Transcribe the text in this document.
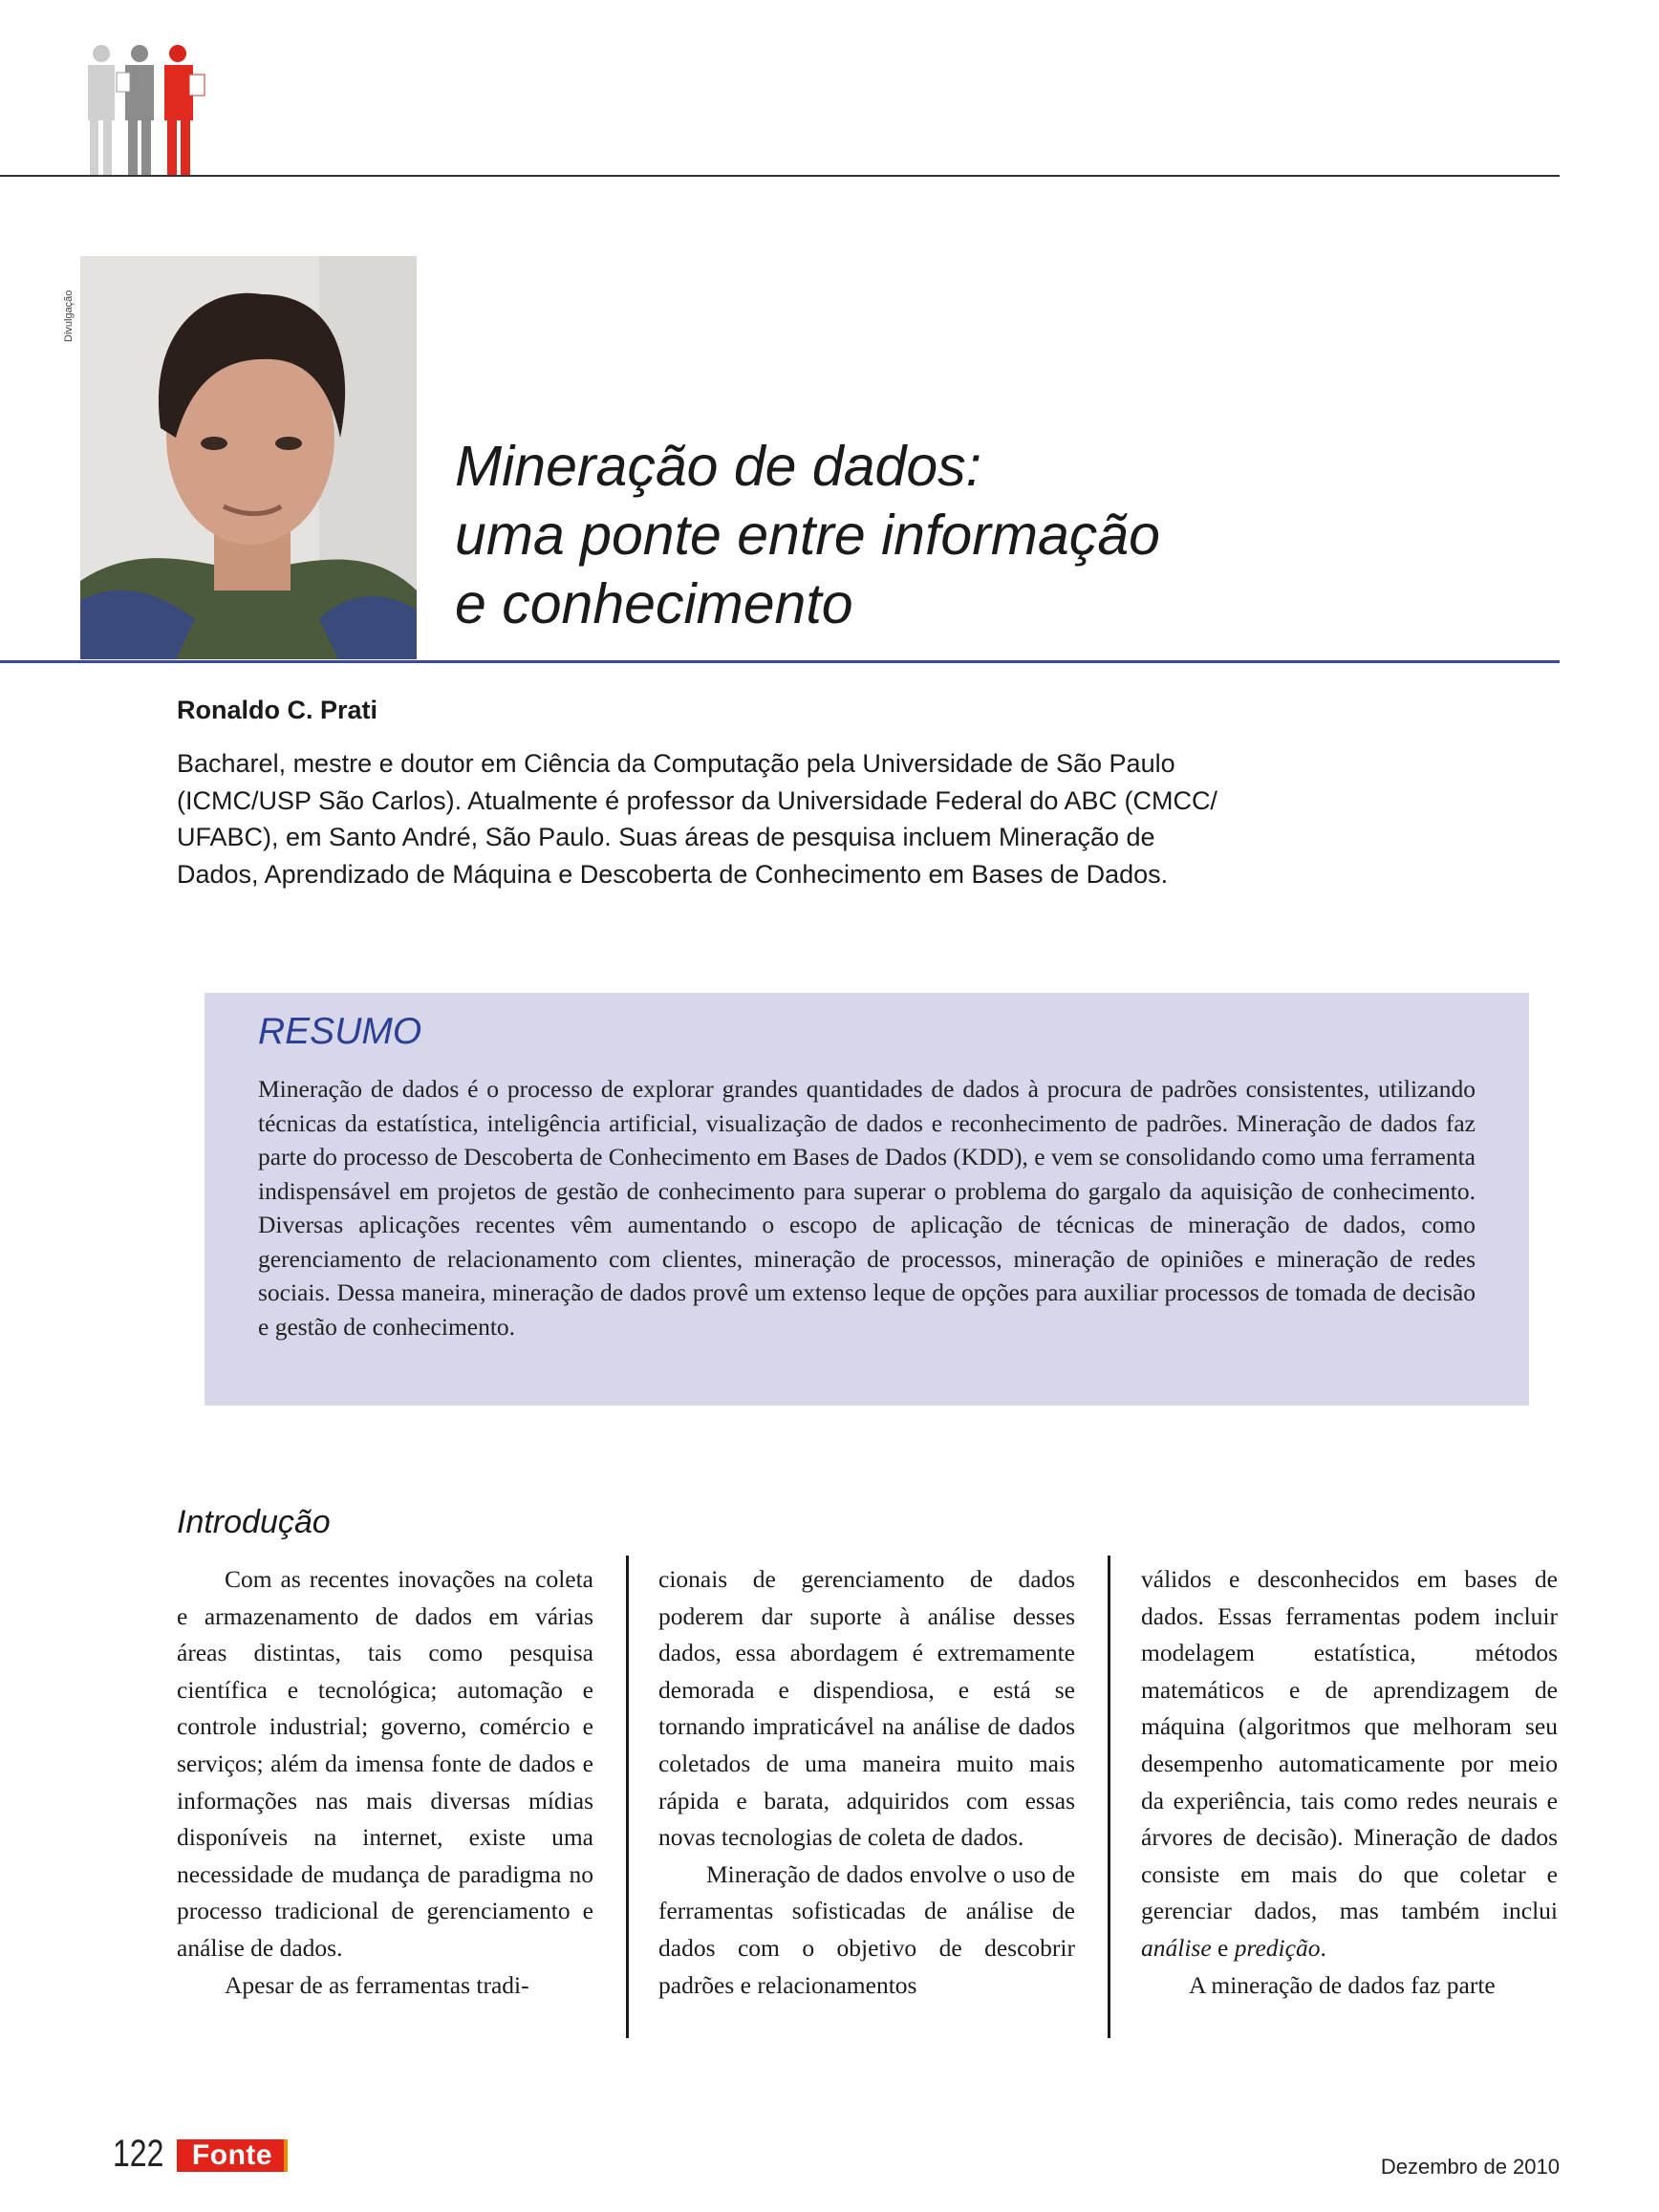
Divulgação
Mineração de dados:
uma ponte entre informação
e conhecimento
Ronaldo C. Prati

Bacharel, mestre e doutor em Ciência da Computação pela Universidade de São Paulo
(ICMC/USP São Carlos). Atualmente é professor da Universidade Federal do ABC (CMCC/
UFABC), em Santo André, São Paulo. Suas áreas de pesquisa incluem Mineração de
Dados, Aprendizado de Máquina e Descoberta de Conhecimento em Bases de Dados.

RESUMO

Mineração de dados é o processo de explorar grandes quantidades de dados à procura de padrões consistentes, utilizando técnicas da estatística, inteligência artificial, visualização de dados e reconhecimento de padrões. Mineração de dados faz parte do processo de Descoberta de Conhecimento em Bases de Dados (KDD), e vem se consolidando como uma ferramenta indispensável em projetos de gestão de conhecimento para superar o problema do gargalo da aquisição de conhecimento. Diversas aplicações recentes vêm aumentando o escopo de aplicação de técnicas de mineração de dados, como gerenciamento de relacionamento com clientes, mineração de processos, mineração de opiniões e mineração de redes sociais. Dessa maneira, mineração de dados provê um extenso leque de opções para auxiliar processos de tomada de decisão e gestão de conhecimento.

Introdução

Com as recentes inovações na coleta e armazenamento de dados em várias áreas distintas, tais como pesquisa científica e tecnológica; automação e controle industrial; governo, comércio e serviços; além da imensa fonte de dados e informações nas mais diversas mídias disponíveis na internet, existe uma necessidade de mudança de paradigma no processo tradicional de gerenciamento e análise de dados.

Apesar de as ferramentas tradi-

cionais de gerenciamento de dados poderem dar suporte à análise desses dados, essa abordagem é extremamente demorada e dispendiosa, e está se tornando impraticável na análise de dados coletados de uma maneira muito mais rápida e barata, adquiridos com essas novas tecnologias de coleta de dados.

Mineração de dados envolve o uso de ferramentas sofisticadas de análise de dados com o objetivo de descobrir padrões e relacionamentos

válidos e desconhecidos em bases de dados. Essas ferramentas podem incluir modelagem estatística, métodos matemáticos e de aprendizagem de máquina (algoritmos que melhoram seu desempenho automaticamente por meio da experiência, tais como redes neurais e árvores de decisão). Mineração de dados consiste em mais do que coletar e gerenciar dados, mas também inclui análise e predição.

A mineração de dados faz parte

122 Fonte	Dezembro de 2010
